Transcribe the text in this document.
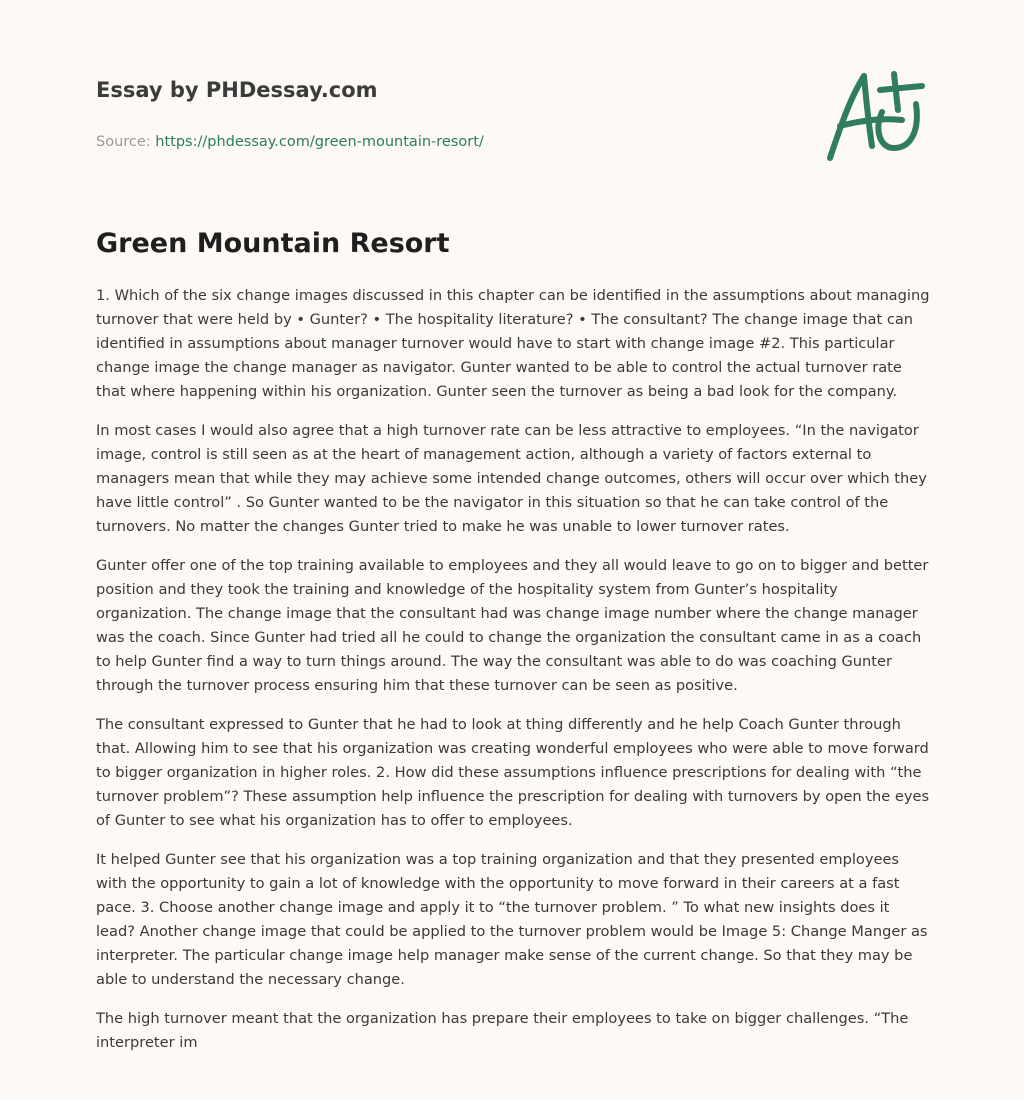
Essay by PHDessay.com
Source: https://phdessay.com/green-mountain-resort/
Green Mountain Resort

1. Which of the six change images discussed in this chapter can be identified in the assumptions about managing turnover that were held by • Gunter? • The hospitality literature? • The consultant? The change image that can identified in assumptions about manager turnover would have to start with change image #2. This particular change image the change manager as navigator. Gunter wanted to be able to control the actual turnover rate that where happening within his organization. Gunter seen the turnover as being a bad look for the company.

In most cases I would also agree that a high turnover rate can be less attractive to employees. “In the navigator image, control is still seen as at the heart of management action, although a variety of factors external to managers mean that while they may achieve some intended change outcomes, others will occur over which they have little control” . So Gunter wanted to be the navigator in this situation so that he can take control of the turnovers. No matter the changes Gunter tried to make he was unable to lower turnover rates.

Gunter offer one of the top training available to employees and they all would leave to go on to bigger and better position and they took the training and knowledge of the hospitality system from Gunter’s hospitality organization. The change image that the consultant had was change image number where the change manager was the coach. Since Gunter had tried all he could to change the organization the consultant came in as a coach to help Gunter find a way to turn things around. The way the consultant was able to do was coaching Gunter through the turnover process ensuring him that these turnover can be seen as positive.

The consultant expressed to Gunter that he had to look at thing differently and he help Coach Gunter through that. Allowing him to see that his organization was creating wonderful employees who were able to move forward to bigger organization in higher roles. 2. How did these assumptions influence prescriptions for dealing with “the turnover problem”? These assumption help influence the prescription for dealing with turnovers by open the eyes of Gunter to see what his organization has to offer to employees.

It helped Gunter see that his organization was a top training organization and that they presented employees with the opportunity to gain a lot of knowledge with the opportunity to move forward in their careers at a fast pace. 3. Choose another change image and apply it to “the turnover problem. ” To what new insights does it lead? Another change image that could be applied to the turnover problem would be Image 5: Change Manger as interpreter. The particular change image help manager make sense of the current change. So that they may be able to understand the necessary change.

The high turnover meant that the organization has prepare their employees to take on bigger challenges. “The interpreter im
